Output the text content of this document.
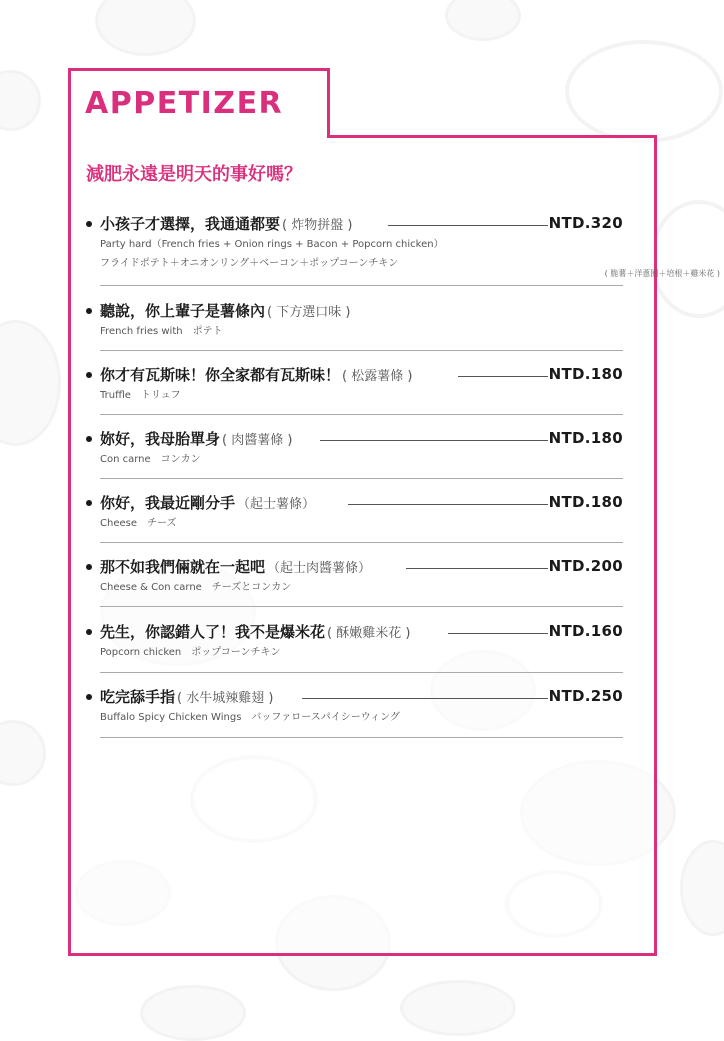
APPETIZER
減肥永遠是明天的事好嗎？
小孩子才選擇，我通通都要 ( 炸物拼盤 )	NTD.320
Party hard（French fries + Onion rings + Bacon + Popcorn chicken）
フライドポテト＋オニオンリング＋ベーコン＋ポップコーンチキン
( 脆薯＋洋蔥圈＋培根＋雞米花 )
聽說，你上輩子是薯條內 ( 下方選口味 )
French fries with　ポテト
你才有瓦斯味！你全家都有瓦斯味！ ( 松露薯條 )	NTD.180
Truffle　トリュフ
妳好，我母胎單身 ( 肉醬薯條 )	NTD.180
Con carne　コンカン
你好，我最近剛分手 （起士薯條）	NTD.180
Cheese　チーズ
那不如我們倆就在一起吧 （起士肉醬薯條）	NTD.200
Cheese & Con carne　チーズとコンカン
先生，你認錯人了！我不是爆米花 ( 酥嫩雞米花 )	NTD.160
Popcorn chicken　ポップコーンチキン
吃完舔手指 ( 水牛城辣雞翅 )	NTD.250
Buffalo Spicy Chicken Wings　バッファロースパイシーウィング
